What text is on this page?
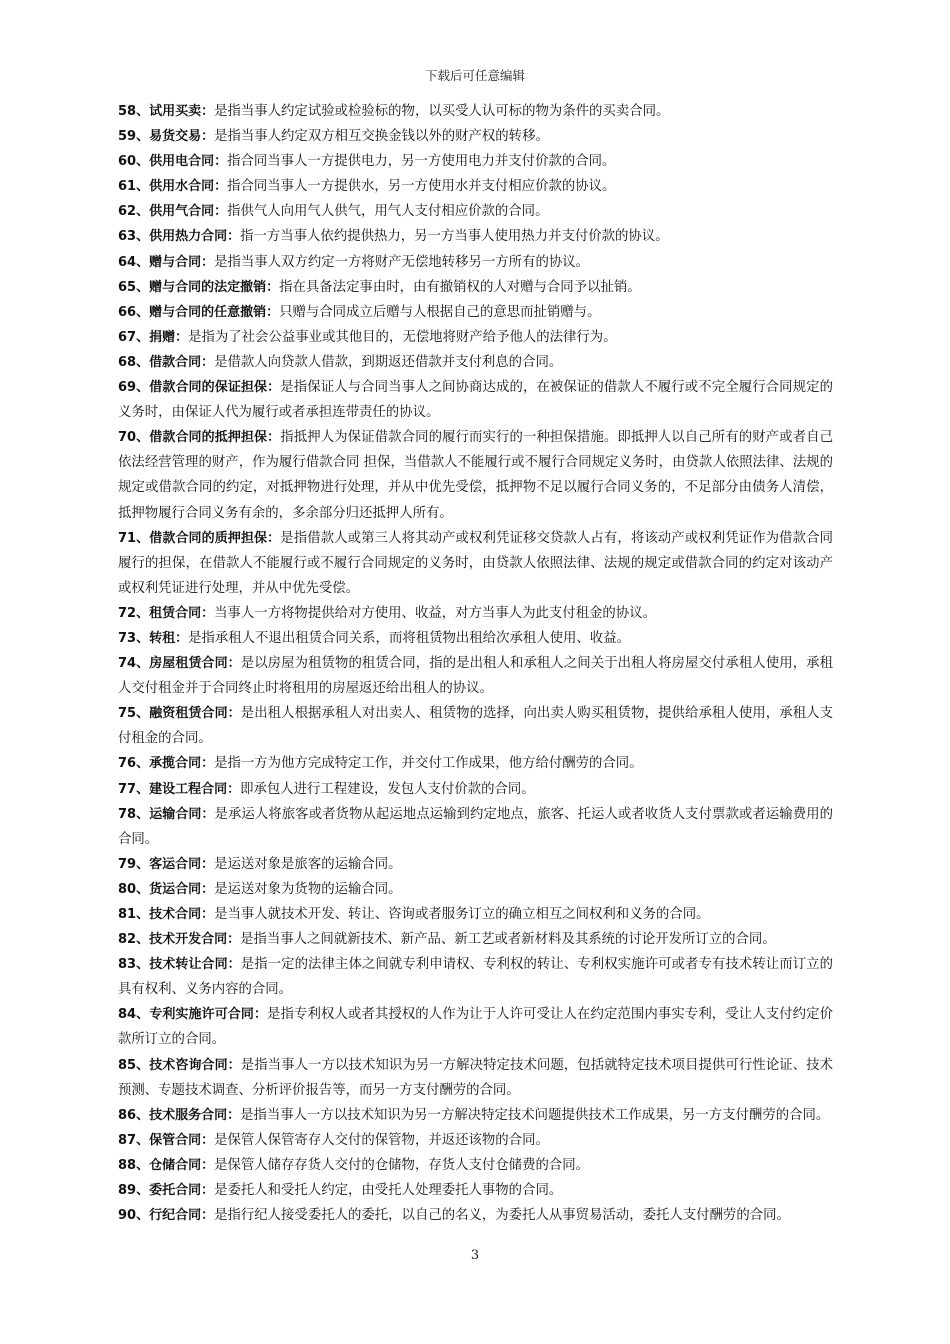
下载后可任意编辑

58、试用买卖：是指当事人约定试验或检验标的物，以买受人认可标的物为条件的买卖合同。

59、易货交易：是指当事人约定双方相互交换金钱以外的财产权的转移。

60、供用电合同：指合同当事人一方提供电力，另一方使用电力并支付价款的合同。

61、供用水合同：指合同当事人一方提供水，另一方使用水并支付相应价款的协议。

62、供用气合同：指供气人向用气人供气，用气人支付相应价款的合同。

63、供用热力合同：指一方当事人依约提供热力，另一方当事人使用热力并支付价款的协议。

64、赠与合同：是指当事人双方约定一方将财产无偿地转移另一方所有的协议。

65、赠与合同的法定撤销：指在具备法定事由时，由有撤销权的人对赠与合同予以扯销。

66、赠与合同的任意撤销：只赠与合同成立后赠与人根据自己的意思而扯销赠与。

67、捐赠：是指为了社会公益事业或其他目的，无偿地将财产给予他人的法律行为。

68、借款合同：是借款人向贷款人借款，到期返还借款并支付利息的合同。

69、借款合同的保证担保：是指保证人与合同当事人之间协商达成的，在被保证的借款人不履行或不完全履行合同规定的义务时，由保证人代为履行或者承担连带责任的协议。

70、借款合同的抵押担保：指抵押人为保证借款合同的履行而实行的一种担保措施。即抵押人以自己所有的财产或者自己依法经营管理的财产，作为履行借款合同 担保，当借款人不能履行或不履行合同规定义务时，由贷款人依照法律、法规的规定或借款合同的约定，对抵押物进行处理，并从中优先受偿，抵押物不足以履行合同义务的，不足部分由债务人清偿，抵押物履行合同义务有余的，多余部分归还抵押人所有。

71、借款合同的质押担保：是指借款人或第三人将其动产或权利凭证移交贷款人占有，将该动产或权利凭证作为借款合同履行的担保，在借款人不能履行或不履行合同规定的义务时，由贷款人依照法律、法规的规定或借款合同的约定对该动产或权利凭证进行处理，并从中优先受偿。

72、租赁合同：当事人一方将物提供给对方使用、收益，对方当事人为此支付租金的协议。

73、转租：是指承租人不退出租赁合同关系，而将租赁物出租给次承租人使用、收益。

74、房屋租赁合同：是以房屋为租赁物的租赁合同，指的是出租人和承租人之间关于出租人将房屋交付承租人使用，承租人交付租金并于合同终止时将租用的房屋返还给出租人的协议。

75、融资租赁合同：是出租人根据承租人对出卖人、租赁物的选择，向出卖人购买租赁物，提供给承租人使用，承租人支付租金的合同。

76、承揽合同：是指一方为他方完成特定工作，并交付工作成果，他方给付酬劳的合同。

77、建设工程合同：即承包人进行工程建设，发包人支付价款的合同。

78、运输合同：是承运人将旅客或者货物从起运地点运输到约定地点，旅客、托运人或者收货人支付票款或者运输费用的合同。

79、客运合同：是运送对象是旅客的运输合同。

80、货运合同：是运送对象为货物的运输合同。

81、技术合同：是当事人就技术开发、转让、咨询或者服务订立的确立相互之间权利和义务的合同。

82、技术开发合同：是指当事人之间就新技术、新产品、新工艺或者新材料及其系统的讨论开发所订立的合同。

83、技术转让合同：是指一定的法律主体之间就专利申请权、专利权的转让、专利权实施许可或者专有技术转让而订立的具有权利、义务内容的合同。

84、专利实施许可合同：是指专利权人或者其授权的人作为让于人许可受让人在约定范围内事实专利，受让人支付约定价款所订立的合同。

85、技术咨询合同：是指当事人一方以技术知识为另一方解决特定技术问题，包括就特定技术项目提供可行性论证、技术预测、专题技术调查、分析评价报告等，而另一方支付酬劳的合同。

86、技术服务合同：是指当事人一方以技术知识为另一方解决特定技术问题提供技术工作成果，另一方支付酬劳的合同。

87、保管合同：是保管人保管寄存人交付的保管物，并返还该物的合同。

88、仓储合同：是保管人储存存货人交付的仓储物，存货人支付仓储费的合同。

89、委托合同：是委托人和受托人约定，由受托人处理委托人事物的合同。

90、行纪合同：是指行纪人接受委托人的委托，以自己的名义，为委托人从事贸易活动，委托人支付酬劳的合同。

3
